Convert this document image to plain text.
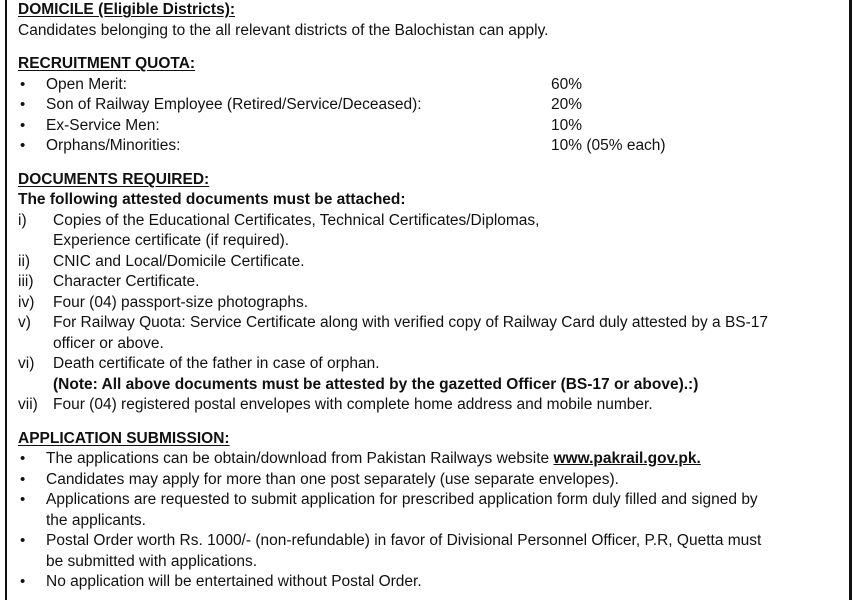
DOMICILE (Eligible Districts):
Candidates belonging to the all relevant districts of the Balochistan can apply.
RECRUITMENT QUOTA:
•
Open Merit:	60%
•
Son of Railway Employee (Retired/Service/Deceased):	20%
•
Ex-Service Men:	10%
•
Orphans/Minorities:	10% (05% each)
DOCUMENTS REQUIRED:
The following attested documents must be attached:
i)	Copies of the Educational Certificates, Technical Certificates/Diplomas,
Experience certificate (if required).
ii)	CNIC and Local/Domicile Certificate.
iii)	Character Certificate.
iv)	Four (04) passport-size photographs.
v)	For Railway Quota: Service Certificate along with verified copy of Railway Card duly attested by a BS-17
officer or above.
vi)	Death certificate of the father in case of orphan.
(Note: All above documents must be attested by the gazetted Officer (BS-17 or above).:)
vii) Four (04) registered postal envelopes with complete home address and mobile number.
APPLICATION SUBMISSION:
•
The applications can be obtain/download from Pakistan Railways website www.pakrail.gov.pk.
•
Candidates may apply for more than one post separately (use separate envelopes).
•
Applications are requested to submit application for prescribed application form duly filled and signed by
the applicants.
•
Postal Order worth Rs. 1000/- (non-refundable) in favor of Divisional Personnel Officer, P.R, Quetta must
be submitted with applications.
•
No application will be entertained without Postal Order.
